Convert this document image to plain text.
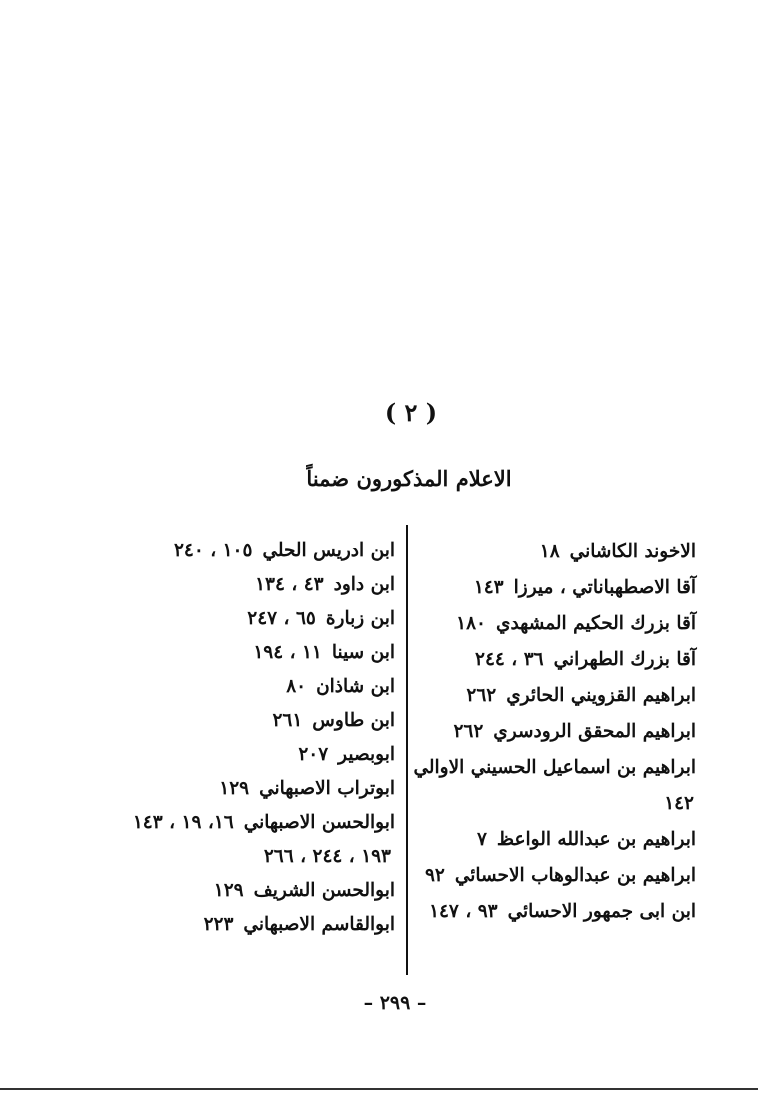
( ٢ )
الاعلام المذكورون ضمناً
الاخوند الكاشاني١٨
آقا الاصطهباناتي ، ميرزا١٤٣
آقا بزرك الحكيم المشهدي١٨٠
آقا بزرك الطهراني٣٦ ، ٢٤٤
ابراهيم القزويني الحائري٢٦٢
ابراهيم المحقق الرودسري٢٦٢
ابراهيم بن اسماعيل الحسيني الاوالي
١٤٢
ابراهيم بن عبدالله الواعظ٧
ابراهيم بن عبدالوهاب الاحسائي٩٢
ابن ابى جمهور الاحسائي٩٣ ، ١٤٧
ابن ادريس الحلي١٠٥ ، ٢٤٠
ابن داود٤٣ ، ١٣٤
ابن زبارة٦٥ ، ٢٤٧
ابن سينا١١ ، ١٩٤
ابن شاذان٨٠
ابن طاوس٢٦١
ابوبصير٢٠٧
ابوتراب الاصبهاني١٢٩
ابوالحسن الاصبهاني١٦، ١٩ ، ١٤٣
١٩٣ ، ٢٤٤ ، ٢٦٦
ابوالحسن الشريف١٢٩
ابوالقاسم الاصبهاني٢٢٣
– ٢٩٩ –
